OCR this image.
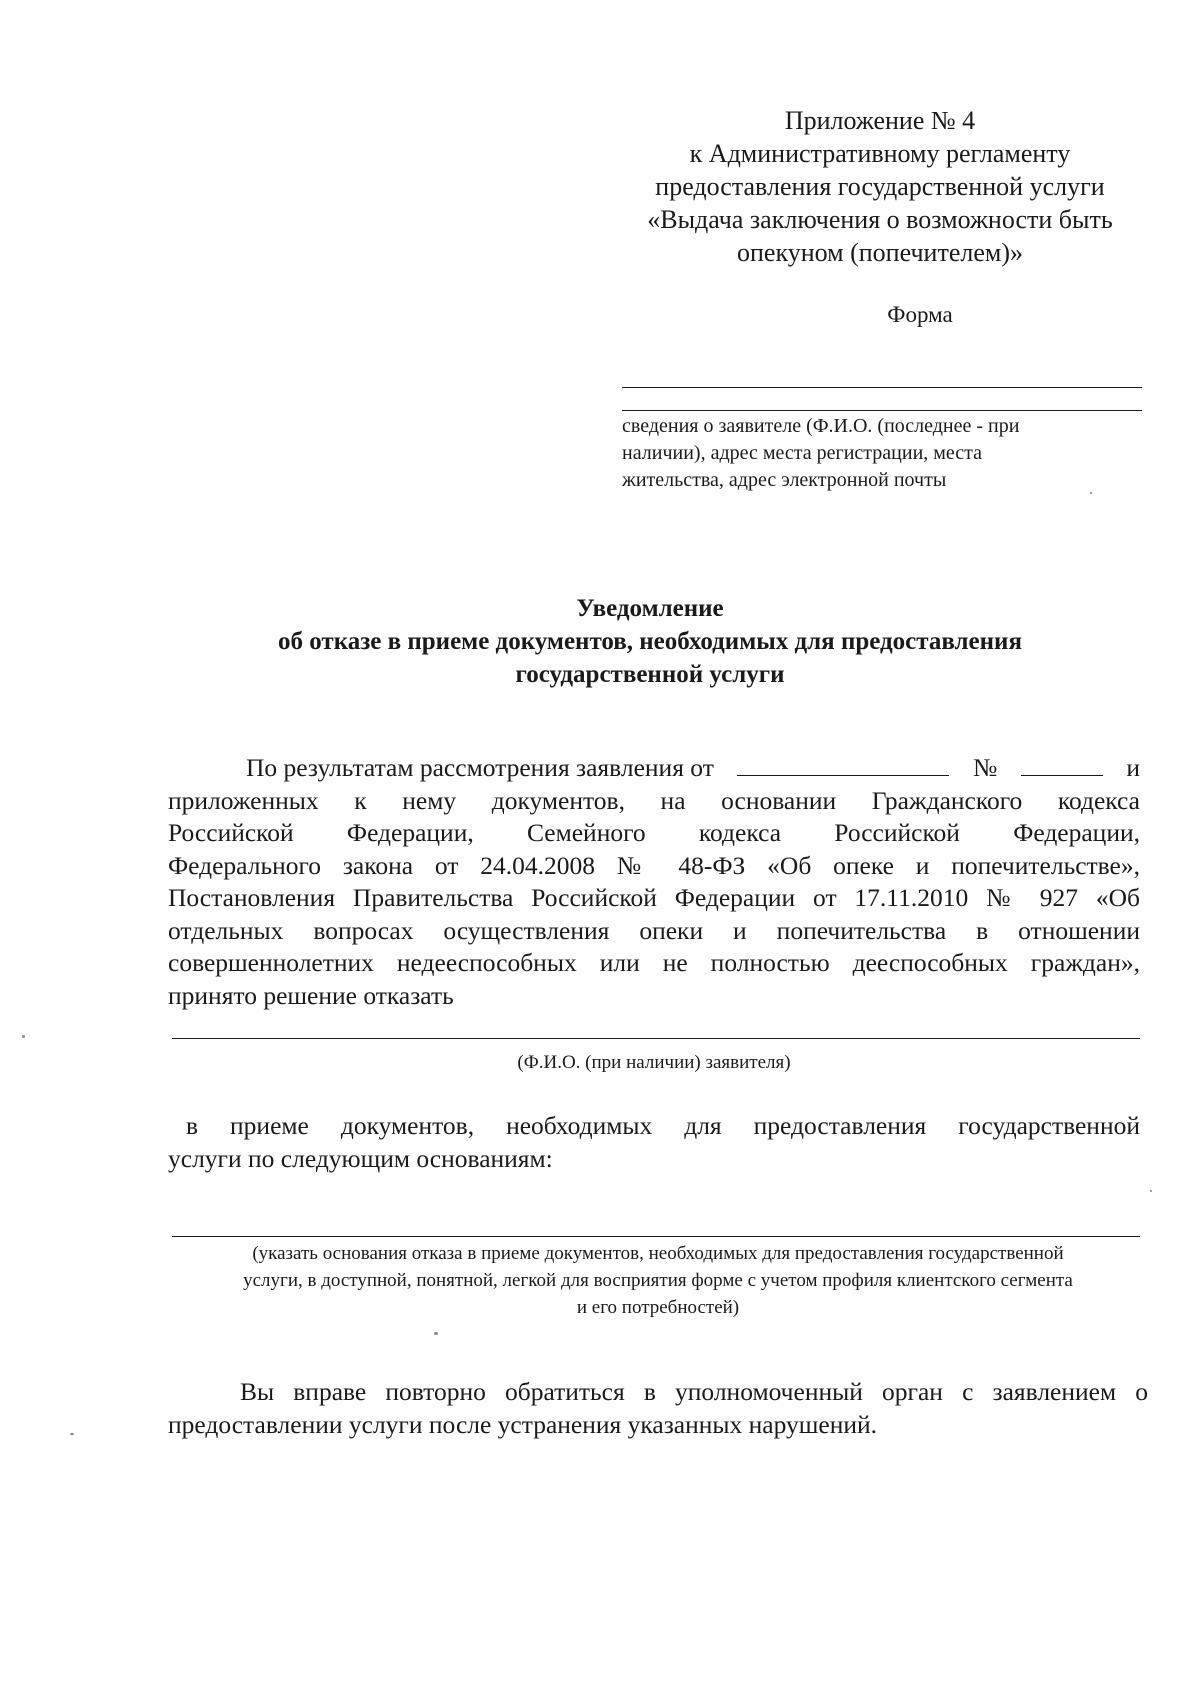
Приложение № 4
к Административному регламенту
предоставления государственной услуги
«Выдача заключения о возможности быть
опекуном (попечителем)»
Форма
сведения о заявителе (Ф.И.О. (последнее - при
наличии), адрес места регистрации, места
жительства, адрес электронной почты
Уведомление
об отказе в приеме документов, необходимых для предоставления
государственной услуги
По результатам рассмотрения заявления от	№	и
приложенных к нему документов, на основании Гражданского кодекса
Российской Федерации, Семейного кодекса Российской Федерации,
Федерального закона от 24.04.2008 № 48-ФЗ «Об опеке и попечительстве»,
Постановления Правительства Российской Федерации от 17.11.2010 № 927 «Об
отдельных вопросах осуществления опеки и попечительства в отношении
совершеннолетних недееспособных или не полностью дееспособных граждан»,
принято решение отказать
(Ф.И.О. (при наличии) заявителя)
в приеме документов, необходимых для предоставления государственной
услуги по следующим основаниям:
(указать основания отказа в приеме документов, необходимых для предоставления государственной
услуги, в доступной, понятной, легкой для восприятия форме с учетом профиля клиентского сегмента
и его потребностей)
Вы вправе повторно обратиться в уполномоченный орган с заявлением о
предоставлении услуги после устранения указанных нарушений.
